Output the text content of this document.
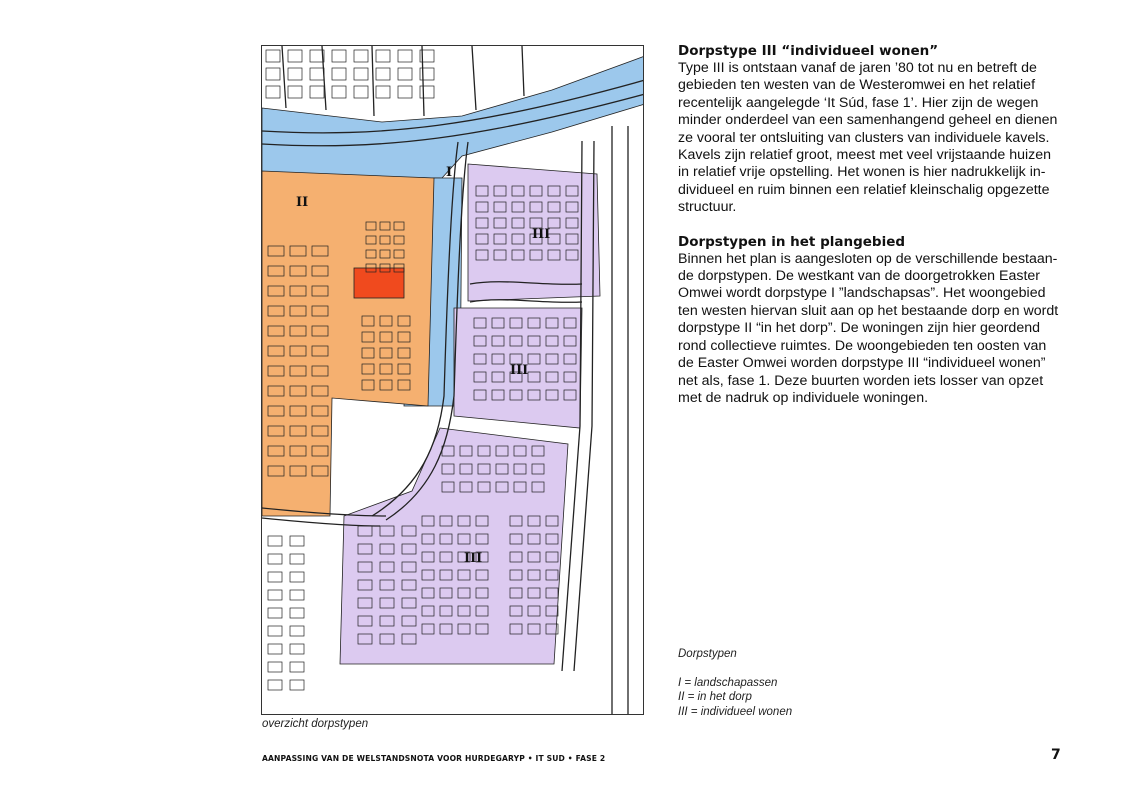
I
II
III
III
III
overzicht dorpstypen
Dorpstype III “individueel wonen”

Type III is ontstaan vanaf de jaren ’80 tot nu en betreft de
gebieden ten westen van de Westeromwei en het relatief
recentelijk aangelegde ‘It Súd, fase 1’. Hier zijn de wegen
minder onderdeel van een samenhangend geheel en dienen
ze vooral ter ontsluiting van clusters van individuele kavels.
Kavels zijn relatief groot, meest met veel vrijstaande huizen
in relatief vrije opstelling. Het wonen is hier nadrukkelijk in-
dividueel en ruim binnen een relatief kleinschalig opgezette
structuur.

Dorpstypen in het plangebied

Binnen het plan is aangesloten op de verschillende bestaan-
de dorpstypen. De westkant van de doorgetrokken Easter
Omwei wordt dorpstype I ”landschapsas”. Het woongebied
ten westen hiervan sluit aan op het bestaande dorp en wordt
dorpstype II “in het dorp”. De woningen zijn hier geordend
rond collectieve ruimtes. De woongebieden ten oosten van
de Easter Omwei worden dorpstype III “individueel wonen”
net als, fase 1. Deze buurten worden iets losser van opzet
met de nadruk op individuele woningen.

Dorpstypen
I = landschapassen
II = in het dorp
III = individueel wonen
AANPASSING VAN DE WELSTANDSNOTA VOOR HURDEGARYP • IT SUD • FASE 2	7
